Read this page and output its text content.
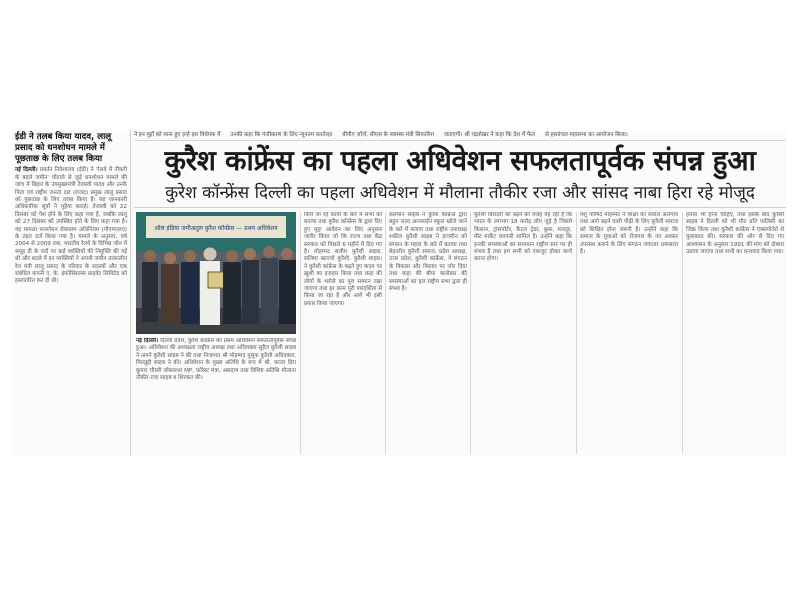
ईडी ने तलब किया यादव, लालू प्रसाद को धनशोधन मामले में पूछताछ के लिए तलब किया
नई दिल्ली। प्रवर्तन निदेशालय (ईडी) ने 'रेलवे में नौकरी के बदले जमीन' घोटाले से जुड़े धनशोधन मामले की जांच में बिहार के उपमुख्यमंत्री तेजस्वी यादव और उनके पिता एवं राष्ट्रीय जनता दल (राजद) प्रमुख लालू प्रसाद को पूछताछ के लिए तलब किया है। यह जानकारी अधिकारिक सूत्रों ने मुहैया कराई। तेजस्वी को 22 दिसंबर को पेश होने के लिए कहा गया है, जबकि लालू को 27 दिसंबर को उपस्थित होने के लिए कहा गया है। यह मामला धनशोधन रोकथाम अधिनियम (पीएमएलए) के तहत दर्ज किया गया है। मामले के अनुसार, वर्ष 2004 से 2009 तक, भारतीय रेलवे के विभिन्न जोन में समूह डी के पदों पर कई व्यक्तियों की नियुक्ति की गई थी और बदले में इन व्यक्तियों ने अपनी जमीन तत्कालीन रेल मंत्री लालू प्रसाद के परिवार के सदस्यों और एक संबंधित कंपनी ए. के. इंफोसिस्टम्स प्राइवेट लिमिटेड को हस्तांतरित कर दी थी।
ने इन मुद्दों को माना हुए इन्हें इस विधेयक में उनकी कहा कि पंजीकरण के लिए न्यूनतम करतेरहा बीपीए जॉर्ज, सीएस के स्वास्थ्य मंत्री सिफारिश जताएगी। श्री चंद्रशेखर ने कहा कि देश में फैल से हस्तांचल महासभा का आयोजन किया।
कुरैश कांफ्रेंस का पहला अधिवेशन सफलतापूर्वक संपन्न हुआ
कुरेश कॉन्फ्रेंस दिल्ली का पहला अधिवेशन में मौलाना तौकीर रजा और सांसद नाबा हिरा रहे मोजूद
ऑल इंडिया जमीअतुल कुरैश कॉन्फ्रेंस — प्रथम अधिवेशन
नई दिल्ली। दिल्ली प्रदेश, कुरैश कांफ्रेंस का प्रथम अधिवेशन सफलतापूर्वक संपन्न हुआ। अधिवेशन की अध्यक्षता राष्ट्रीय अध्यक्ष तथा अधिवक्ता सुहैल कुरैशी साहब ने अपने कुरैशी साहब ने की तथा निजामत श्री मोहम्मद युसूफ कुरैशी अधिवक्ता, मिल्लुद्दी साहब ने की। अधिवेशन के मुख्य अतिथि के रूप में श्री. काजा हिरा कुमार चौधरी लोकसभा MP, फोरेस्ट मंत्रा, असदाम तथा विशिष्ट अतिथि मौलाना तौकीर रजा साहब व शिरकत की।
किये जा रहे कार्यो के बारे में सभा को बताया तथा कुरैश कॉन्फ्रेंस के द्वारा दिए हुए मुद्दा आवेदन का लिए अनुसार जारीर किया जो कि राज्य तथा केंद्र सरकार को पिछले 6 महीने में दिए गए है। मोहम्मद सलीम कुरैशी साहब, सलिमा खाज्यो कुरैशी, कुरैशी साहब। ने कुरैशी कांफ्रेंस के बढ़ते हुए कदम पर ख़ुशी का इजहार किया तथा कहा की लोगों के भरोसे का पूरा सम्मान रखा जाएगा तथा हर काम पूरी पारदर्शिता से किया जा रहा है और आगे भी इसी प्रकार किया जाएगा।
सलमान साहब ने कुरैश कांफ्रेंस द्वारा बहुत जल्द आनलाईन स्कूल खोले जाने के बारे में बताया तथा राष्ट्रीय उपाध्यक्ष शकील कुरैशी साहब ने हाजरीन को संगठन के महत्व के बारे में बताया तथा बेहतरीन कुरैशी समाज, प्रदेश अध्यक्ष, उत्तर प्रदेश, कुरैशी कांफ्रेंस, ने संगठन के विकास और विस्तार पर जोर दिया तथा कहा की बीफ कारोबार की समस्याओं का हल राष्ट्रीय सभा द्वारा ही संभव है।
कुरैशी बिरादरी को बढ़ने की वजह यह रही है कि भारत के लगभग 18 करोड़ लोग जुड़े है जिसमे किसान, ट्रांसपोर्टर, कैटल ट्रेडर, कुक, मजदूर, मीट मार्केट व्यापारी शामिल है। उन्होंने कहा कि इनकी समस्याओं का समाधान राष्ट्रीय स्तर पर ही संभव है तथा हम सभी को एकजुट होकर कार्य करना होगा।
पशु परिषद मोहम्मद ने शिक्षा का सवाल अलगाव तथा आगे बढ़ने वाली पीढ़ी के लिए कुरैशी समाज को शिक्षित होना जरूरी है। उन्होंने कहा कि समाज के युवाओं को रोजगार के नए अवसर उपलब्ध कराने के लिए संगठन लगातार प्रयासरत है।
हमारा भी होना चाहिए, तथा इसके बाद कुरैशी साहब ने दिल्ली को भी मीट प्रति पालिसी का जिक्र किया तथा कुरैशी कांफ्रेंस ने एक्सपोर्टर्स से मुलाकात की। सरकार की ओर से दिए गए आश्वासन के अनुसार 1991 की मांग को दोबारा उठाया जाएगा तथा सभी का धन्यवाद किया गया।
